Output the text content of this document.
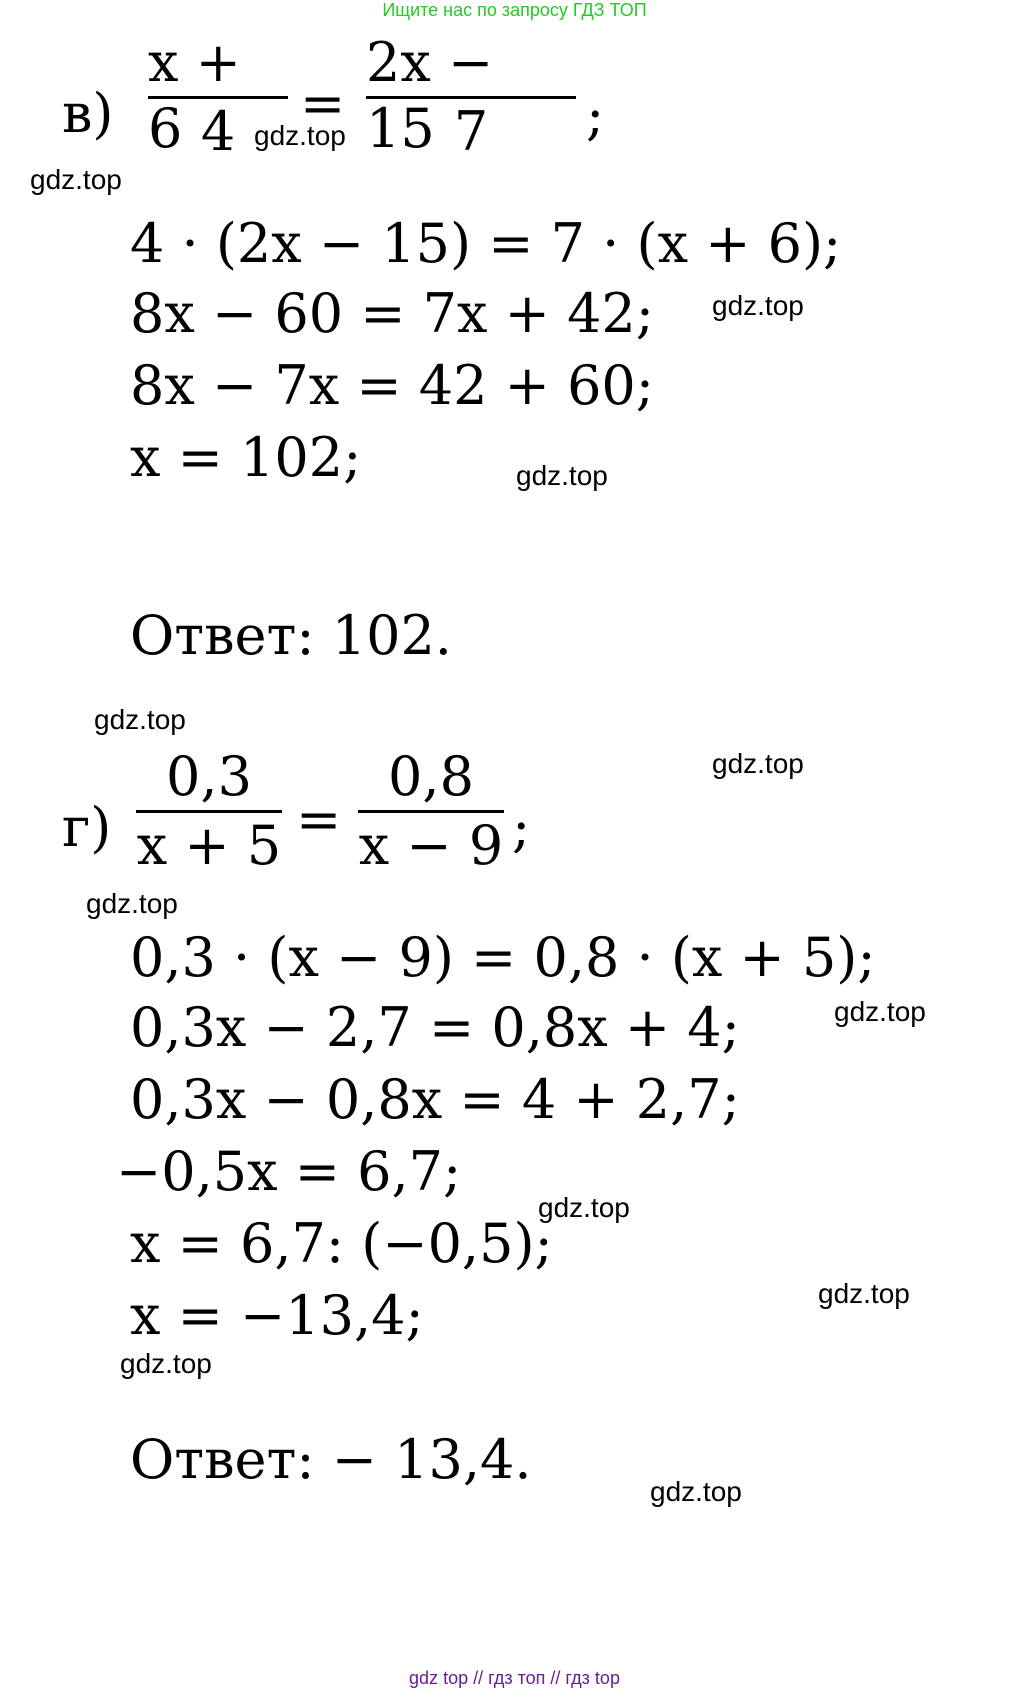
Ищите нас по запросу ГДЗ ТОП
в)
x + 6 4 =
2x − 15 7 ;
4 · (2x − 15) = 7 · (x + 6);
8x − 60 = 7x + 42;
8x − 7x = 42 + 60;
x = 102;
Ответ: 102.
г)
0,3
x + 5 =
0,8
x − 9 ;
0,3 · (x − 9) = 0,8 · (x + 5);
0,3x − 2,7 = 0,8x + 4;
0,3x − 0,8x = 4 + 2,7;
−0,5x = 6,7;
x = 6,7: (−0,5);
x = −13,4;
Ответ: − 13,4.
gdz.top
gdz.top
gdz.top
gdz.top
gdz.top
gdz.top
gdz.top
gdz.top
gdz.top
gdz.top
gdz.top
gdz.top
gdz top // гдз топ // гдз top
